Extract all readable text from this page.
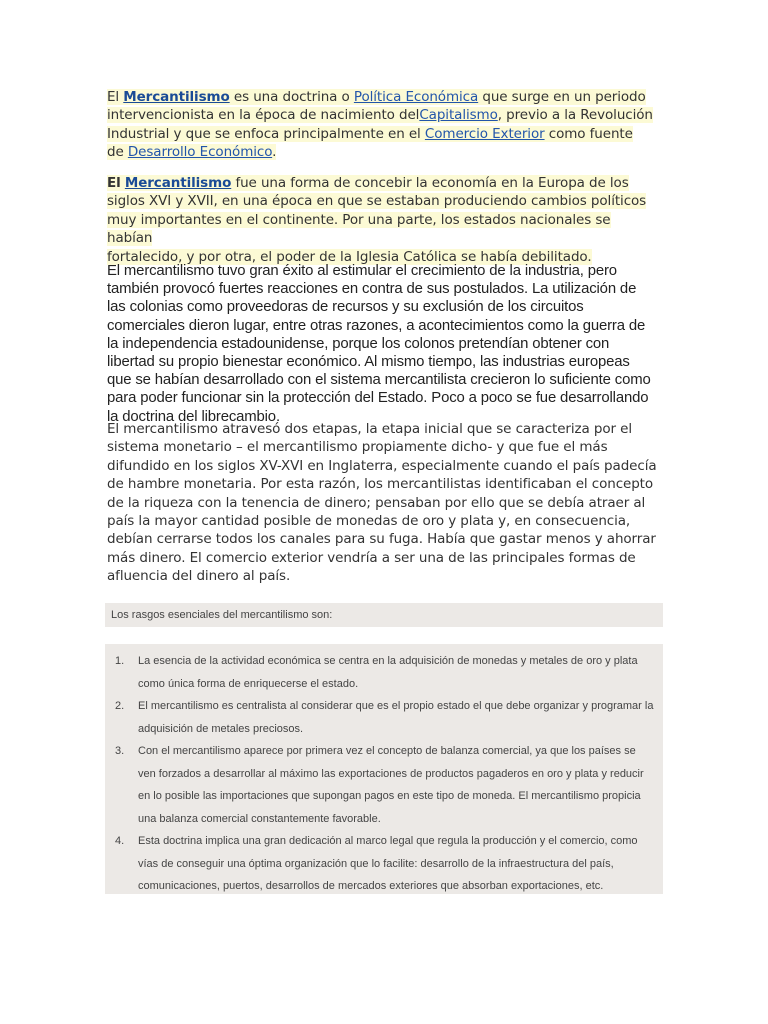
El Mercantilismo es una doctrina o Política Económica que surge en un periodo
intervencionista en la época de nacimiento delCapitalismo, previo a la Revolución
Industrial y que se enfoca principalmente en el Comercio Exterior como fuente
de Desarrollo Económico.

El Mercantilismo fue una forma de concebir la economía en la Europa de los
siglos XVI y XVII, en una época en que se estaban produciendo cambios políticos
muy importantes en el continente. Por una parte, los estados nacionales se habían
fortalecido, y por otra, el poder de la Iglesia Católica se había debilitado.

El mercantilismo tuvo gran éxito al estimular el crecimiento de la industria, pero también provocó fuertes reacciones en contra de sus postulados. La utilización de las colonias como proveedoras de recursos y su exclusión de los circuitos comerciales dieron lugar, entre otras razones, a acontecimientos como la guerra de la independencia estadounidense, porque los colonos pretendían obtener con libertad su propio bienestar económico. Al mismo tiempo, las industrias europeas que se habían desarrollado con el sistema mercantilista crecieron lo suficiente como para poder funcionar sin la protección del Estado. Poco a poco se fue desarrollando la doctrina del librecambio.

El mercantilismo atravesó dos etapas, la etapa inicial que se caracteriza por el sistema monetario – el mercantilismo propiamente dicho- y que fue el más difundido en los siglos XV-XVI en Inglaterra, especialmente cuando el país padecía de hambre monetaria. Por esta razón, los mercantilistas identificaban el concepto de la riqueza con la tenencia de dinero; pensaban por ello que se debía atraer al país la mayor cantidad posible de monedas de oro y plata y, en consecuencia, debían cerrarse todos los canales para su fuga. Había que gastar menos y ahorrar más dinero. El comercio exterior vendría a ser una de las principales formas de afluencia del dinero al país.

Los rasgos esenciales del mercantilismo son:
1. La esencia de la actividad económica se centra en la adquisición de monedas y metales de oro y plata como única forma de enriquecerse el estado.
2. El mercantilismo es centralista al considerar que es el propio estado el que debe organizar y programar la adquisición de metales preciosos.
3. Con el mercantilismo aparece por primera vez el concepto de balanza comercial, ya que los países se ven forzados a desarrollar al máximo las exportaciones de productos pagaderos en oro y plata y reducir en lo posible las importaciones que supongan pagos en este tipo de moneda. El mercantilismo propicia una balanza comercial constantemente favorable.
4. Esta doctrina implica una gran dedicación al marco legal que regula la producción y el comercio, como vías de conseguir una óptima organización que lo facilite: desarrollo de la infraestructura del país, comunicaciones, puertos, desarrollos de mercados exteriores que absorban exportaciones, etc.
